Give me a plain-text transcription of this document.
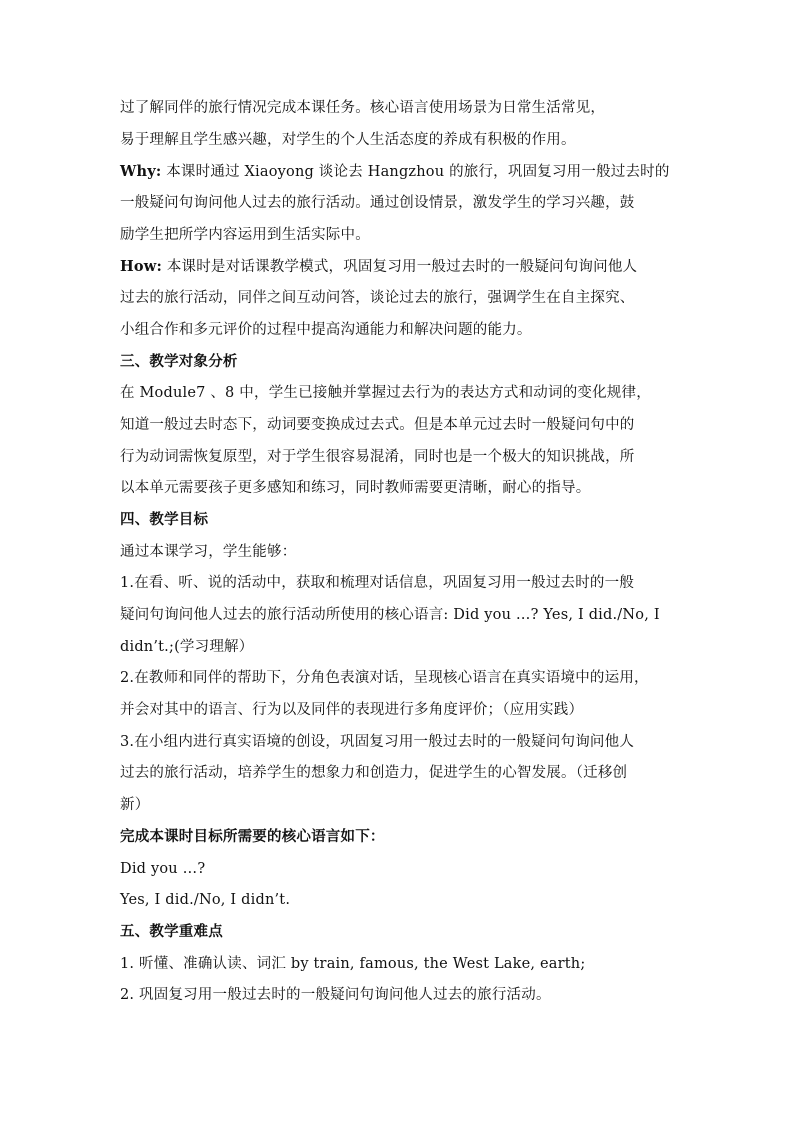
过了解同伴的旅行情况完成本课任务。核心语言使用场景为日常生活常见，
易于理解且学生感兴趣，对学生的个人生活态度的养成有积极的作用。
Why: 本课时通过 Xiaoyong 谈论去 Hangzhou 的旅行，巩固复习用一般过去时的
一般疑问句询问他人过去的旅行活动。通过创设情景，激发学生的学习兴趣，鼓
励学生把所学内容运用到生活实际中。
How: 本课时是对话课教学模式，巩固复习用一般过去时的一般疑问句询问他人
过去的旅行活动，同伴之间互动问答，谈论过去的旅行，强调学生在自主探究、
小组合作和多元评价的过程中提高沟通能力和解决问题的能力。
三、教学对象分析
在 Module7 、8 中，学生已接触并掌握过去行为的表达方式和动词的变化规律，
知道一般过去时态下，动词要变换成过去式。但是本单元过去时一般疑问句中的
行为动词需恢复原型，对于学生很容易混淆，同时也是一个极大的知识挑战，所
以本单元需要孩子更多感知和练习，同时教师需要更清晰，耐心的指导。
四、教学目标
通过本课学习，学生能够：
1.在看、听、说的活动中，获取和梳理对话信息，巩固复习用一般过去时的一般
疑问句询问他人过去的旅行活动所使用的核心语言: Did you …? Yes, I did./No, I
didn’t.;(学习理解）
2.在教师和同伴的帮助下，分角色表演对话，呈现核心语言在真实语境中的运用，
并会对其中的语言、行为以及同伴的表现进行多角度评价；（应用实践）
3.在小组内进行真实语境的创设，巩固复习用一般过去时的一般疑问句询问他人
过去的旅行活动，培养学生的想象力和创造力，促进学生的心智发展。（迁移创
新）
完成本课时目标所需要的核心语言如下：
Did you …?
Yes, I did./No, I didn’t.
五、教学重难点
1. 听懂、准确认读、词汇 by train, famous, the West Lake, earth;
2. 巩固复习用一般过去时的一般疑问句询问他人过去的旅行活动。
